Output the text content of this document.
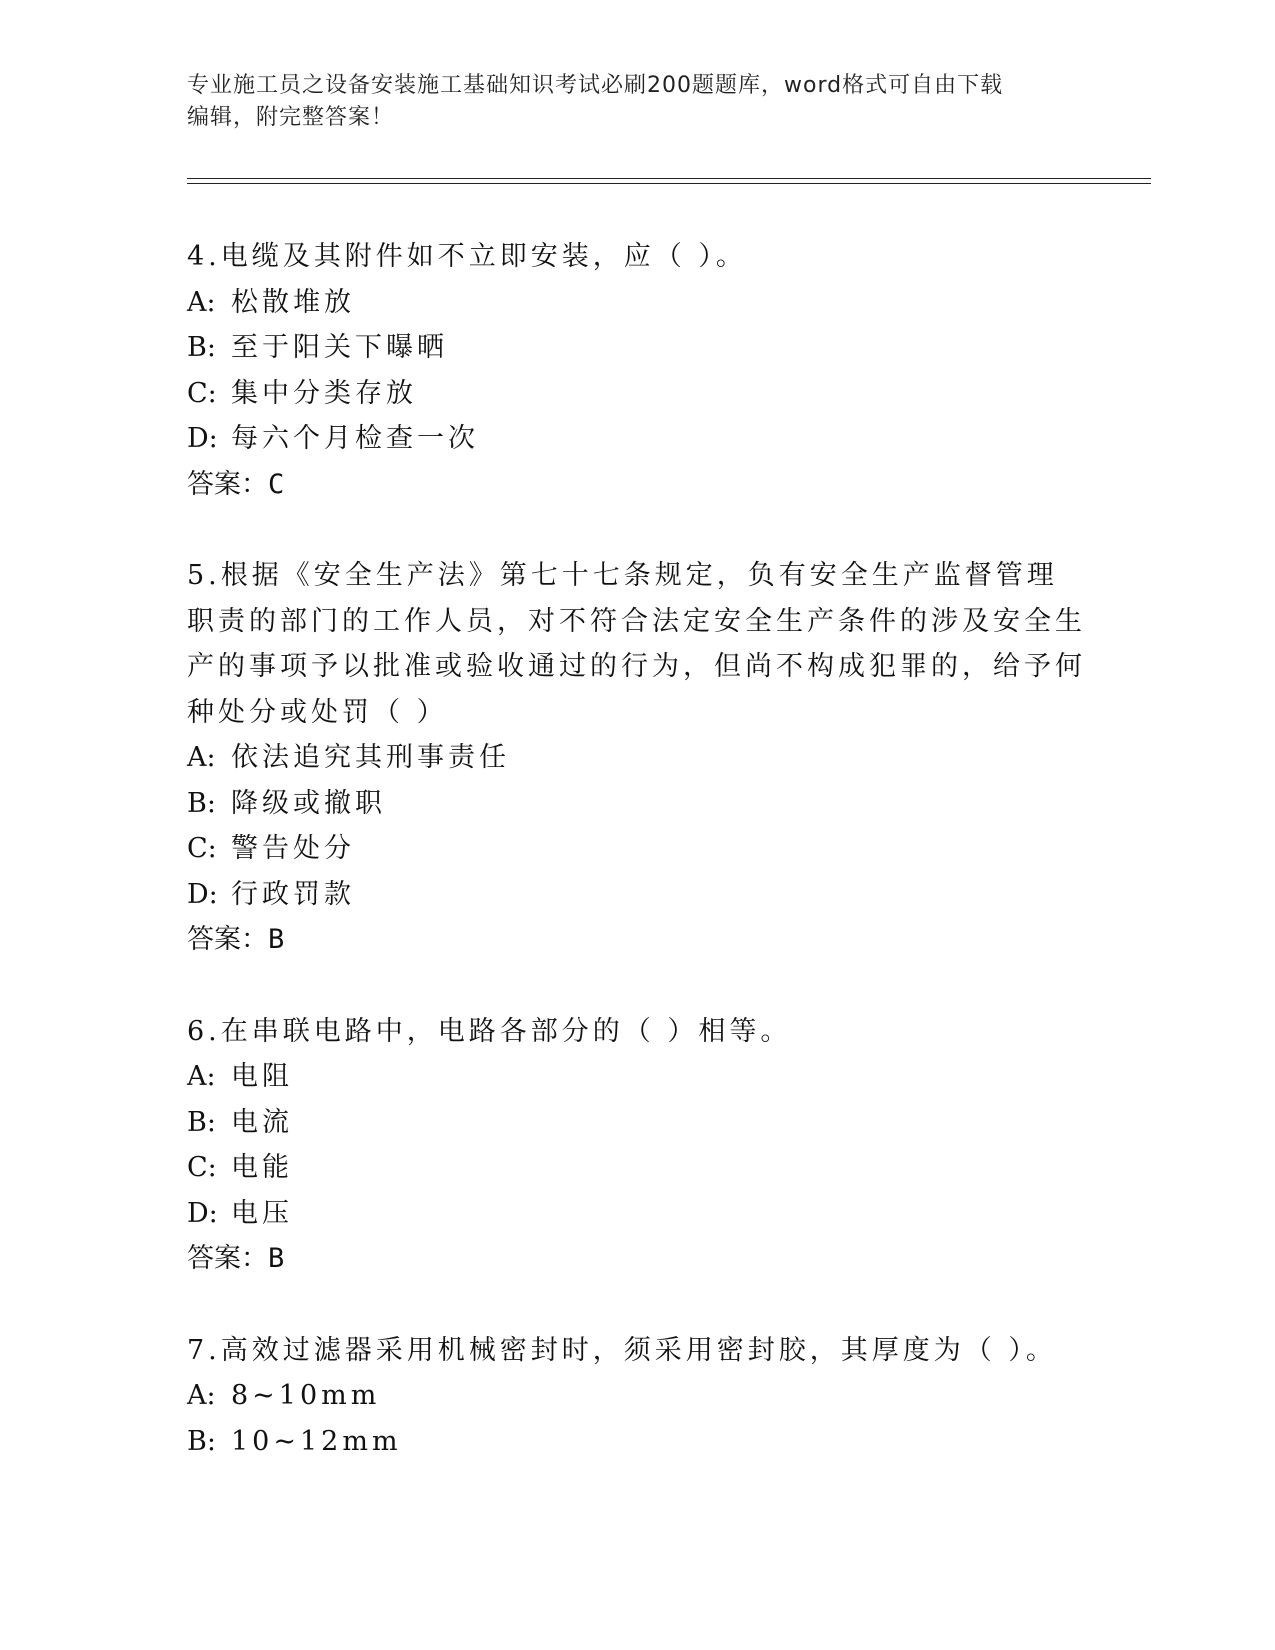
专业施工员之设备安装施工基础知识考试必刷200题题库，word格式可自由下载
编辑，附完整答案！

4.电缆及其附件如不立即安装，应（ ）。

A: 松散堆放

B: 至于阳关下曝晒

C: 集中分类存放

D: 每六个月检查一次

答案：C

5.根据《安全生产法》第七十七条规定，负有安全生产监督管理职责的部门的工作人员，对不符合法定安全生产条件的涉及安全生产的事项予以批准或验收通过的行为，但尚不构成犯罪的，给予何种处分或处罚（ ）

A: 依法追究其刑事责任

B: 降级或撤职

C: 警告处分

D: 行政罚款

答案：B

6.在串联电路中，电路各部分的（ ）相等。

A: 电阻

B: 电流

C: 电能

D: 电压

答案：B

7.高效过滤器采用机械密封时，须采用密封胶，其厚度为（ ）。

A: 8~10mm

B: 10~12mm
